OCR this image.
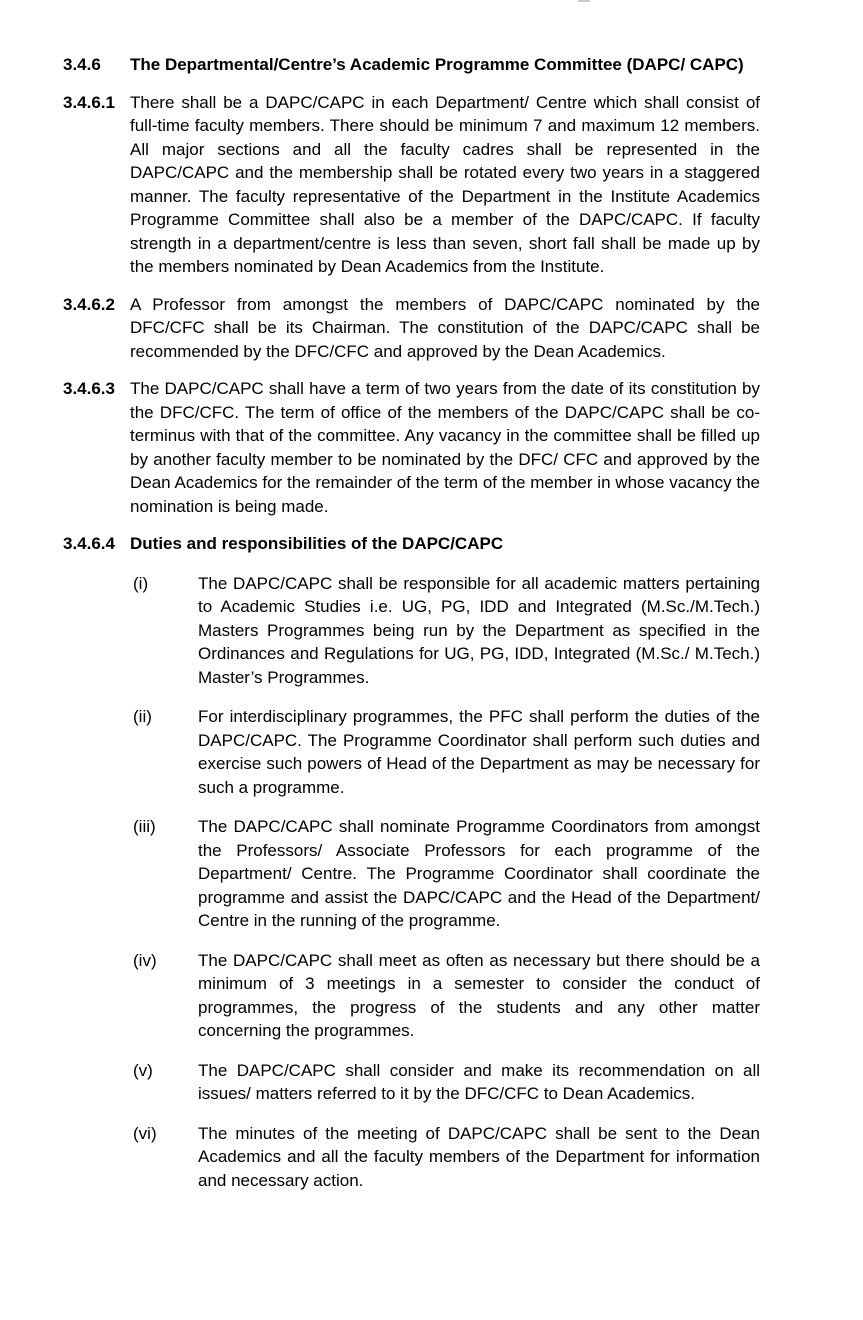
3.4.6	The Departmental/Centre’s Academic Programme Committee (DAPC/ CAPC)
3.4.6.1 There shall be a DAPC/CAPC in each Department/ Centre which shall consist of full-time faculty members. There should be minimum 7 and maximum 12 members. All major sections and all the faculty cadres shall be represented in the DAPC/CAPC and the membership shall be rotated every two years in a staggered manner. The faculty representative of the Department in the Institute Academics Programme Committee shall also be a member of the DAPC/CAPC. If faculty strength in a department/centre is less than seven, short fall shall be made up by the members nominated by Dean Academics from the Institute.
3.4.6.2 A Professor from amongst the members of DAPC/CAPC nominated by the DFC/CFC shall be its Chairman. The constitution of the DAPC/CAPC shall be recommended by the DFC/CFC and approved by the Dean Academics.
3.4.6.3 The DAPC/CAPC shall have a term of two years from the date of its constitution by the DFC/CFC. The term of office of the members of the DAPC/CAPC shall be co-terminus with that of the committee. Any vacancy in the committee shall be filled up by another faculty member to be nominated by the DFC/ CFC and approved by the Dean Academics for the remainder of the term of the member in whose vacancy the nomination is being made.
3.4.6.4 Duties and responsibilities of the DAPC/CAPC
(i)	The DAPC/CAPC shall be responsible for all academic matters pertaining to Academic Studies i.e. UG, PG, IDD and Integrated (M.Sc./M.Tech.) Masters Programmes being run by the Department as specified in the Ordinances and Regulations for UG, PG, IDD, Integrated (M.Sc./ M.Tech.) Master’s Programmes.
(ii)	For interdisciplinary programmes, the PFC shall perform the duties of the DAPC/CAPC. The Programme Coordinator shall perform such duties and exercise such powers of Head of the Department as may be necessary for such a programme.
(iii)	The DAPC/CAPC shall nominate Programme Coordinators from amongst the Professors/ Associate Professors for each programme of the Department/ Centre. The Programme Coordinator shall coordinate the programme and assist the DAPC/CAPC and the Head of the Department/ Centre in the running of the programme.
(iv)	The DAPC/CAPC shall meet as often as necessary but there should be a minimum of 3 meetings in a semester to consider the conduct of programmes, the progress of the students and any other matter concerning the programmes.
(v)	The DAPC/CAPC shall consider and make its recommendation on all issues/ matters referred to it by the DFC/CFC to Dean Academics.
(vi)	The minutes of the meeting of DAPC/CAPC shall be sent to the Dean Academics and all the faculty members of the Department for information and necessary action.
